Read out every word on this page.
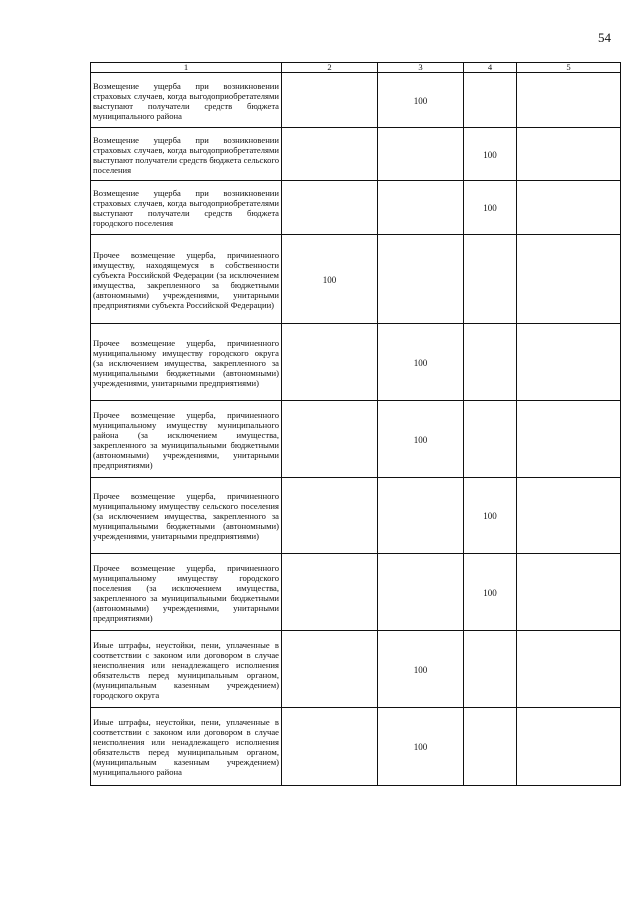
54
1	2	3	4	5
Возмещение ущерба при возникновении страховых случаев, когда выгодоприобретателями выступают получатели средств бюджета муниципального района		100		
Возмещение ущерба при возникновении страховых случаев, когда выгодоприобретателями выступают получатели средств бюджета сельского поселения			100	
Возмещение ущерба при возникновении страховых случаев, когда выгодоприобретателями выступают получатели средств бюджета городского поселения			100	
Прочее возмещение ущерба, причиненного имуществу, находящемуся в собственности субъекта Российской Федерации (за исключением имущества, закрепленного за бюджетными (автономными) учреждениями, унитарными предприятиями субъекта Российской Федерации)	100			
Прочее возмещение ущерба, причиненного муниципальному имуществу городского округа (за исключением имущества, закрепленного за муниципальными бюджетными (автономными) учреждениями, унитарными предприятиями)		100		
Прочее возмещение ущерба, причиненного муниципальному имуществу муниципального района (за исключением имущества, закрепленного за муниципальными бюджетными (автономными) учреждениями, унитарными предприятиями)		100		
Прочее возмещение ущерба, причиненного муниципальному имуществу сельского поселения (за исключением имущества, закрепленного за муниципальными бюджетными (автономными) учреждениями, унитарными предприятиями)			100	
Прочее возмещение ущерба, причиненного муниципальному имуществу городского поселения (за исключением имущества, закрепленного за муниципальными бюджетными (автономными) учреждениями, унитарными предприятиями)			100	
Иные штрафы, неустойки, пени, уплаченные в соответствии с законом или договором в случае неисполнения или ненадлежащего исполнения обязательств перед муниципальным органом, (муниципальным казенным учреждением) городского округа		100		
Иные штрафы, неустойки, пени, уплаченные в соответствии с законом или договором в случае неисполнения или ненадлежащего исполнения обязательств перед муниципальным органом, (муниципальным казенным учреждением) муниципального района		100		
